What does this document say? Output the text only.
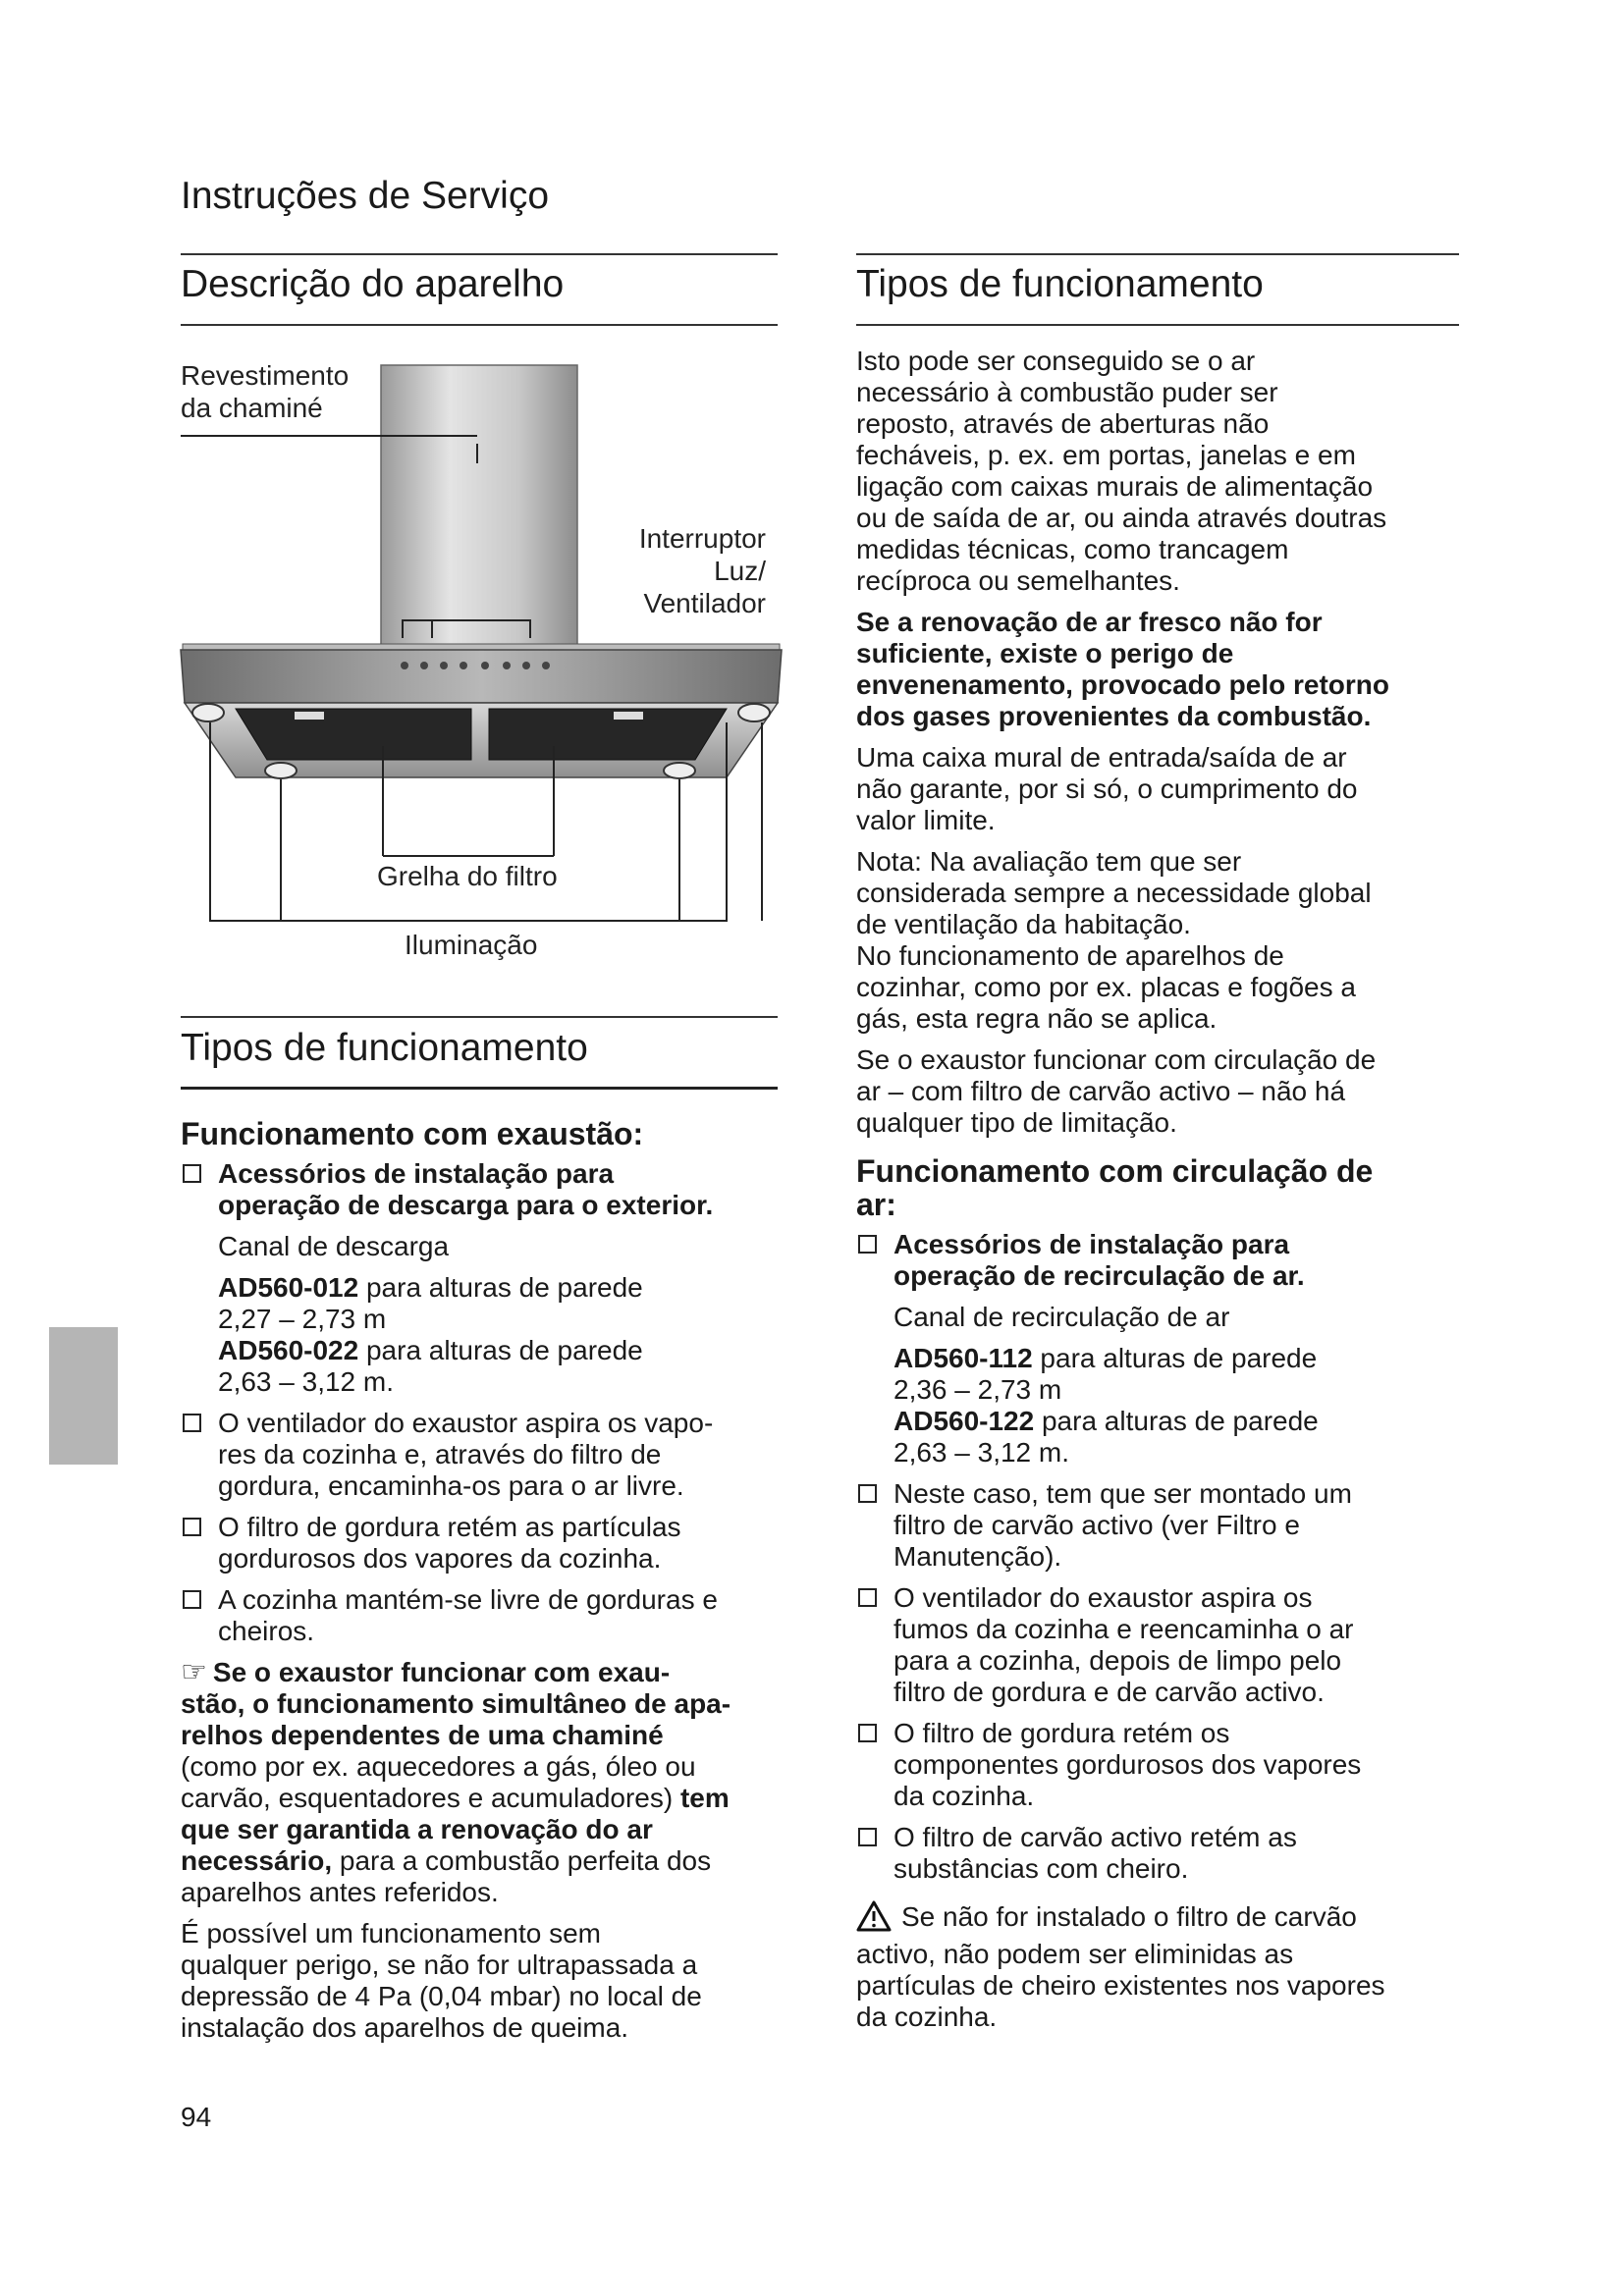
Instruções de Serviço
Descrição do aparelho
Revestimento
da chaminé
Interruptor
Luz/
Ventilador
Grelha do filtro
Iluminação
Tipos de funcionamento
Funcionamento com exaustão:
Acessórios de instalação para
operação de descarga para o exterior.

Canal de descarga

AD560-012 para alturas de parede
2,27 – 2,73 m
AD560-022 para alturas de parede
2,63 – 3,12 m.
O ventilador do exaustor aspira os vapo-
res da cozinha e, através do filtro de
gordura, encaminha-os para o ar livre.
O filtro de gordura retém as partículas
gordurosos dos vapores da cozinha.
A cozinha mantém-se livre de gorduras e
cheiros.
☞ Se o exaustor funcionar com exau-
stão, o funcionamento simultâneo de apa-
relhos dependentes de uma chaminé
(como por ex. aquecedores a gás, óleo ou
carvão, esquentadores e acumuladores) tem
que ser garantida a renovação do ar
necessário, para a combustão perfeita dos
aparelhos antes referidos.
É possível um funcionamento sem
qualquer perigo, se não for ultrapassada a
depressão de 4 Pa (0,04 mbar) no local de
instalação dos aparelhos de queima.
Tipos de funcionamento
Isto pode ser conseguido se o ar
necessário à combustão puder ser
reposto, através de aberturas não
fecháveis, p. ex. em portas, janelas e em
ligação com caixas murais de alimentação
ou de saída de ar, ou ainda através doutras
medidas técnicas, como trancagem
recíproca ou semelhantes.
Se a renovação de ar fresco não for
suficiente, existe o perigo de
envenenamento, provocado pelo retorno
dos gases provenientes da combustão.
Uma caixa mural de entrada/saída de ar
não garante, por si só, o cumprimento do
valor limite.
Nota: Na avaliação tem que ser
considerada sempre a necessidade global
de ventilação da habitação.
No funcionamento de aparelhos de
cozinhar, como por ex. placas e fogões a
gás, esta regra não se aplica.
Se o exaustor funcionar com circulação de
ar – com filtro de carvão activo – não há
qualquer tipo de limitação.
Funcionamento com circulação de
ar:
Acessórios de instalação para
operação de recirculação de ar.

Canal de recirculação de ar

AD560-112 para alturas de parede
2,36 – 2,73 m
AD560-122 para alturas de parede
2,63 – 3,12 m.
Neste caso, tem que ser montado um
filtro de carvão activo (ver Filtro e
Manutenção).
O ventilador do exaustor aspira os
fumos da cozinha e reencaminha o ar
para a cozinha, depois de limpo pelo
filtro de gordura e de carvão activo.
O filtro de gordura retém os
componentes gordurosos dos vapores
da cozinha.
O filtro de carvão activo retém as
substâncias com cheiro.
Se não for instalado o filtro de carvão
activo, não podem ser eliminidas as
partículas de cheiro existentes nos vapores
da cozinha.
94
